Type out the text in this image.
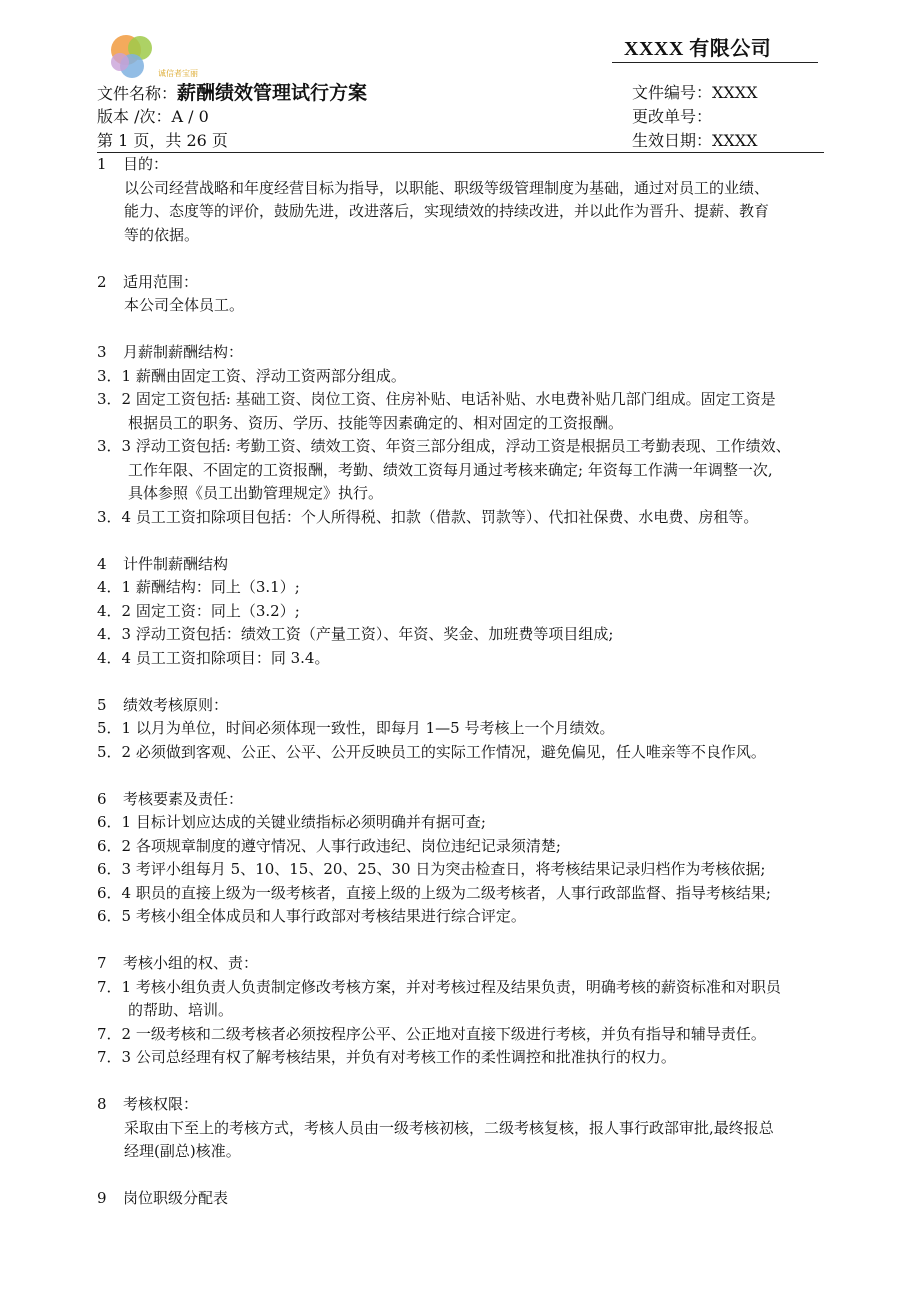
诚信者宝丽
XXXX 有限公司
文件名称：薪酬绩效管理试行方案
版本 /次：A / 0
第 1 页，共 26 页
文件编号：XXXX
更改单号：
生效日期：XXXX
1 目的：
以公司经营战略和年度经营目标为指导，以职能、职级等级管理制度为基础，通过对员工的业绩、
能力、态度等的评价，鼓励先进，改进落后，实现绩效的持续改进，并以此作为晋升、提薪、教育
等的依据。
2 适用范围：
本公司全体员工。
3 月薪制薪酬结构：
3．1 薪酬由固定工资、浮动工资两部分组成。
3．2 固定工资包括: 基础工资、岗位工资、住房补贴、电话补贴、水电费补贴几部门组成。固定工资是
根据员工的职务、资历、学历、技能等因素确定的、相对固定的工资报酬。
3．3 浮动工资包括: 考勤工资、绩效工资、年资三部分组成，浮动工资是根据员工考勤表现、工作绩效、
工作年限、不固定的工资报酬，考勤、绩效工资每月通过考核来确定; 年资每工作满一年调整一次,
具体参照《员工出勤管理规定》执行。
3．4 员工工资扣除项目包括：个人所得税、扣款（借款、罚款等）、代扣社保费、水电费、房租等。
4 计件制薪酬结构
4．1 薪酬结构：同上（3.1）;
4．2 固定工资：同上（3.2）;
4．3 浮动工资包括：绩效工资（产量工资）、年资、奖金、加班费等项目组成;
4．4 员工工资扣除项目：同 3.4。
5 绩效考核原则：
5．1 以月为单位，时间必须体现一致性，即每月 1—5 号考核上一个月绩效。
5．2 必须做到客观、公正、公平、公开反映员工的实际工作情况，避免偏见，任人唯亲等不良作风。
6 考核要素及责任：
6．1 目标计划应达成的关键业绩指标必须明确并有据可查;
6．2 各项规章制度的遵守情况、人事行政违纪、岗位违纪记录须清楚;
6．3 考评小组每月 5、10、15、20、25、30 日为突击检查日，将考核结果记录归档作为考核依据;
6．4 职员的直接上级为一级考核者，直接上级的上级为二级考核者，人事行政部监督、指导考核结果;
6．5 考核小组全体成员和人事行政部对考核结果进行综合评定。
7 考核小组的权、责：
7．1 考核小组负责人负责制定修改考核方案，并对考核过程及结果负责，明确考核的薪资标准和对职员
的帮助、培训。
7．2 一级考核和二级考核者必须按程序公平、公正地对直接下级进行考核，并负有指导和辅导责任。
7．3 公司总经理有权了解考核结果，并负有对考核工作的柔性调控和批准执行的权力。
8 考核权限：
采取由下至上的考核方式，考核人员由一级考核初核，二级考核复核，报人事行政部审批,最终报总
经理(副总)核准。
9 岗位职级分配表
